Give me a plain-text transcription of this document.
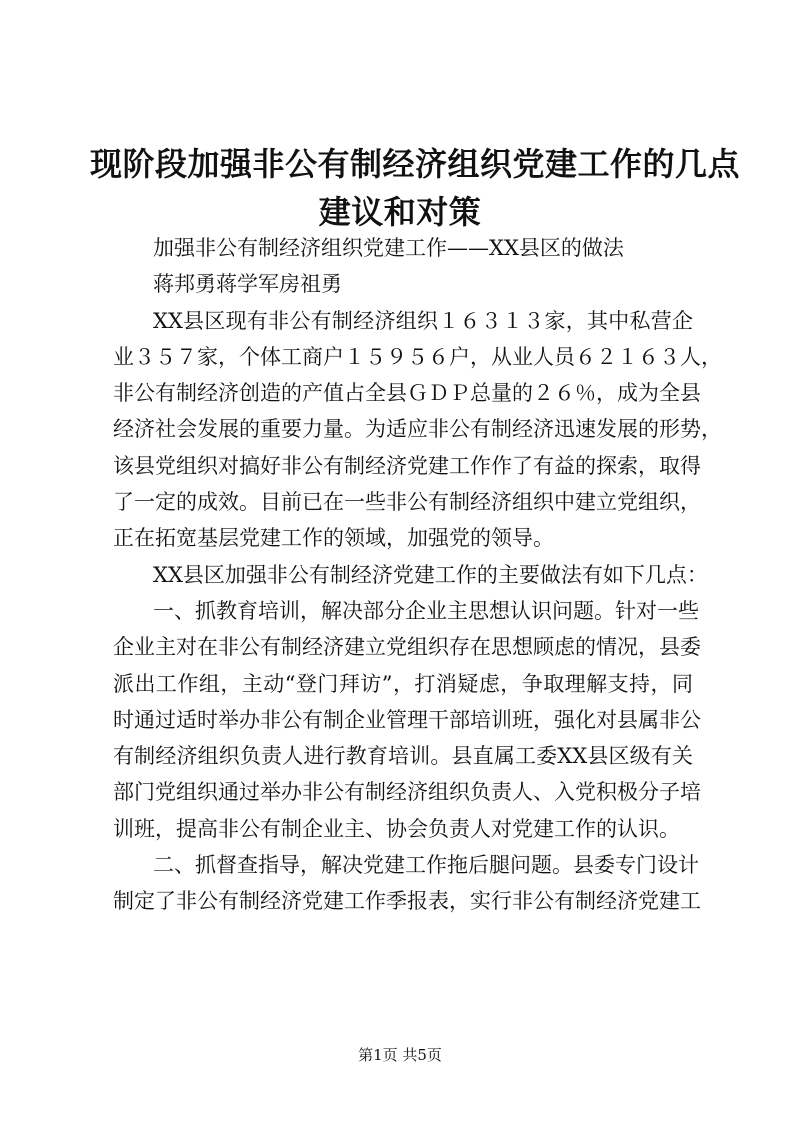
现阶段加强非公有制经济组织党建工作的几点
建议和对策

加强非公有制经济组织党建工作——XX县区的做法

蒋邦勇蒋学军房祖勇

XX县区现有非公有制经济组织１６３１３家，其中私营企
业３５７家，个体工商户１５９５６户，从业人员６２１６３人，
非公有制经济创造的产值占全县ＧＤＰ总量的２６％，成为全县
经济社会发展的重要力量。为适应非公有制经济迅速发展的形势，
该县党组织对搞好非公有制经济党建工作作了有益的探索，取得
了一定的成效。目前已在一些非公有制经济组织中建立党组织，
正在拓宽基层党建工作的领域，加强党的领导。

XX县区加强非公有制经济党建工作的主要做法有如下几点：

一、抓教育培训，解决部分企业主思想认识问题。针对一些
企业主对在非公有制经济建立党组织存在思想顾虑的情况，县委
派出工作组，主动“登门拜访”，打消疑虑，争取理解支持，同
时通过适时举办非公有制企业管理干部培训班，强化对县属非公
有制经济组织负责人进行教育培训。县直属工委XX县区级有关
部门党组织通过举办非公有制经济组织负责人、入党积极分子培
训班，提高非公有制企业主、协会负责人对党建工作的认识。

二、抓督查指导，解决党建工作拖后腿问题。县委专门设计
制定了非公有制经济党建工作季报表，实行非公有制经济党建工

第1页 共5页
